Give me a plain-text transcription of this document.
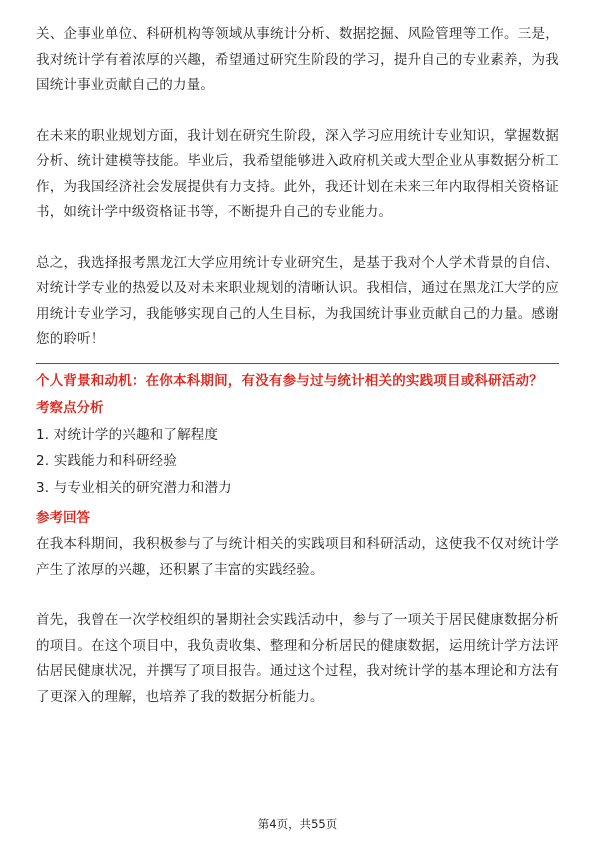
关、企事业单位、科研机构等领域从事统计分析、数据挖掘、风险管理等工作。三是，我对统计学有着浓厚的兴趣，希望通过研究生阶段的学习，提升自己的专业素养，为我国统计事业贡献自己的力量。

在未来的职业规划方面，我计划在研究生阶段，深入学习应用统计专业知识，掌握数据分析、统计建模等技能。毕业后，我希望能够进入政府机关或大型企业从事数据分析工作，为我国经济社会发展提供有力支持。此外，我还计划在未来三年内取得相关资格证书，如统计学中级资格证书等，不断提升自己的专业能力。

总之，我选择报考黑龙江大学应用统计专业研究生，是基于我对个人学术背景的自信、对统计学专业的热爱以及对未来职业规划的清晰认识。我相信，通过在黑龙江大学的应用统计专业学习，我能够实现自己的人生目标，为我国统计事业贡献自己的力量。感谢您的聆听！

个人背景和动机：在你本科期间，有没有参与过与统计相关的实践项目或科研活动？

考察点分析

1. 对统计学的兴趣和了解程度
2. 实践能力和科研经验
3. 与专业相关的研究潜力和潜力

参考回答

在我本科期间，我积极参与了与统计相关的实践项目和科研活动，这使我不仅对统计学产生了浓厚的兴趣，还积累了丰富的实践经验。

首先，我曾在一次学校组织的暑期社会实践活动中，参与了一项关于居民健康数据分析的项目。在这个项目中，我负责收集、整理和分析居民的健康数据，运用统计学方法评估居民健康状况，并撰写了项目报告。通过这个过程，我对统计学的基本理论和方法有了更深入的理解，也培养了我的数据分析能力。

第4页，共55页
